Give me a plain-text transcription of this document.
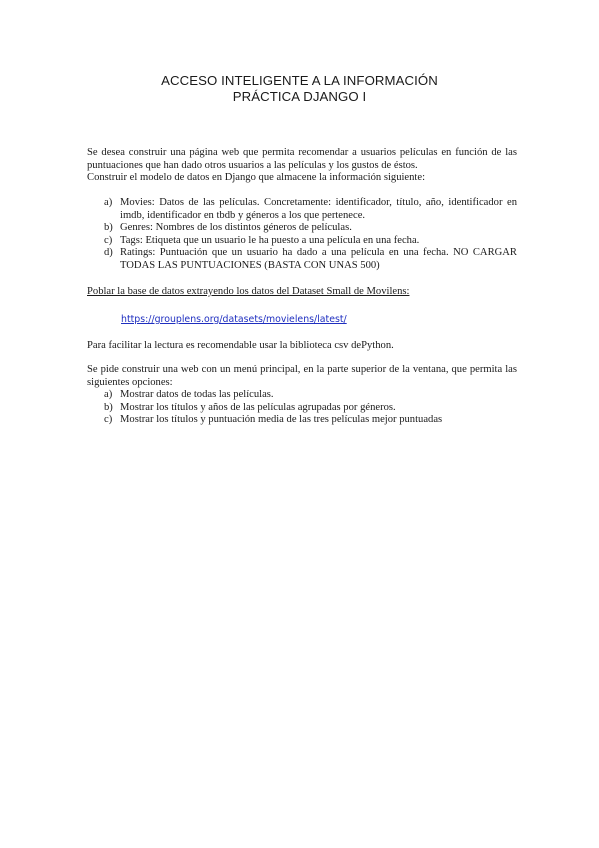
ACCESO INTELIGENTE A LA INFORMACIÓN
PRÁCTICA DJANGO I
Se desea construir una página web que permita recomendar a usuarios películas en función de las puntuaciones que han dado otros usuarios a las películas y los gustos de éstos.
Construir el modelo de datos en Django que almacene la información siguiente:
a) Movies: Datos de las películas. Concretamente: identificador, título, año, identificador en imdb, identificador en tbdb y géneros a los que pertenece.
b) Genres: Nombres de los distintos géneros de películas.
c) Tags: Etiqueta que un usuario le ha puesto a una película en una fecha.
d) Ratings: Puntuación que un usuario ha dado a una película en una fecha. NO CARGAR TODAS LAS PUNTUACIONES (BASTA CON UNAS 500)
Poblar la base de datos extrayendo los datos del Dataset Small de Movilens:
https://grouplens.org/datasets/movielens/latest/
Para facilitar la lectura es recomendable usar la biblioteca csv dePython.
Se pide construir una web con un menú principal, en la parte superior de la ventana, que permita las siguientes opciones:
a) Mostrar datos de todas las películas.
b) Mostrar los títulos y años de las películas agrupadas por géneros.
c) Mostrar los títulos y puntuación media de las tres películas mejor puntuadas
